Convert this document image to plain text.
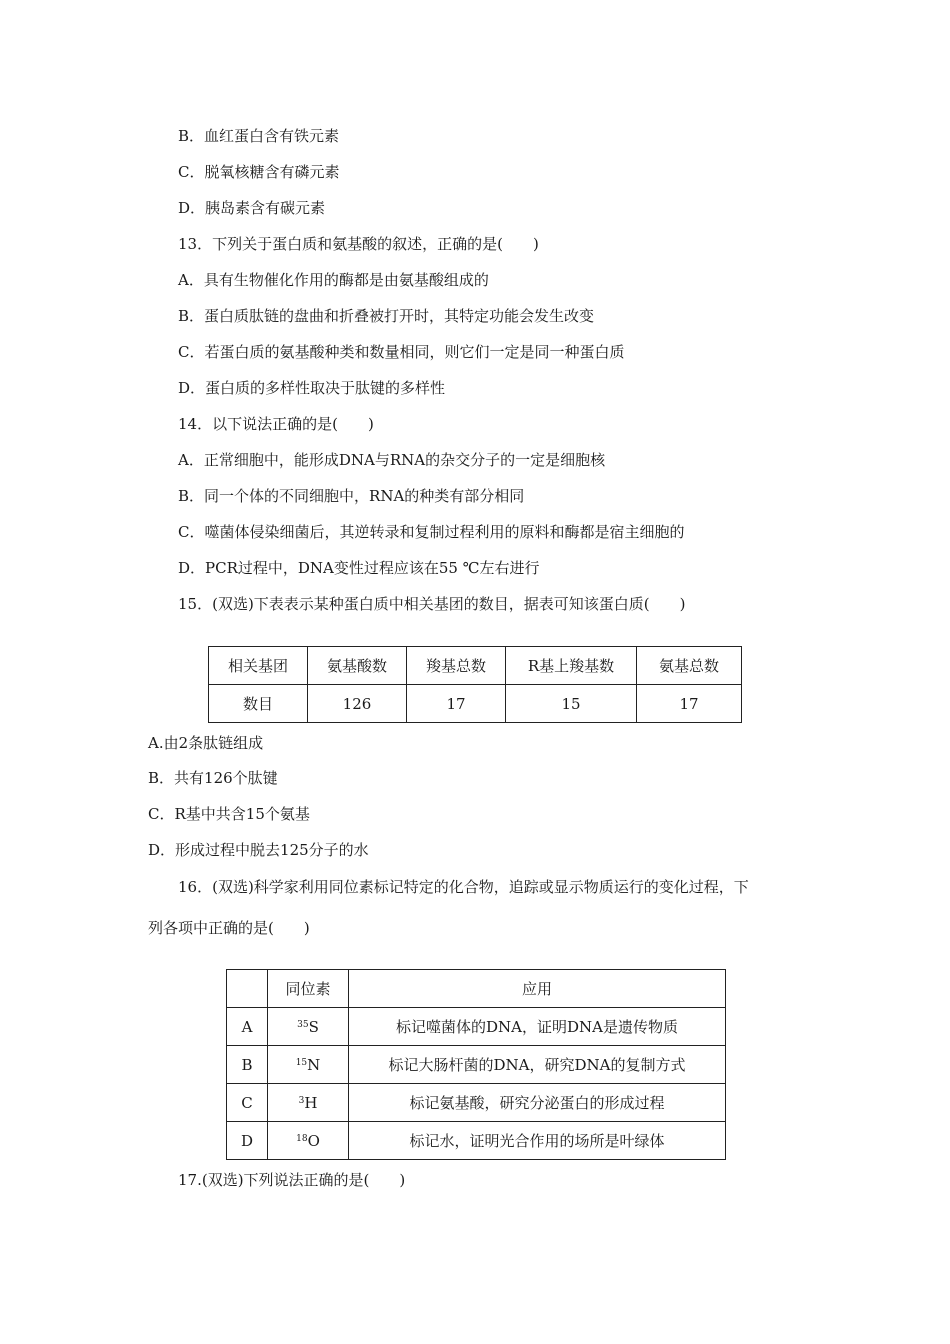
B．血红蛋白含有铁元素
C．脱氧核糖含有磷元素
D．胰岛素含有碳元素
13．下列关于蛋白质和氨基酸的叙述，正确的是(　　)
A．具有生物催化作用的酶都是由氨基酸组成的
B．蛋白质肽链的盘曲和折叠被打开时，其特定功能会发生改变
C．若蛋白质的氨基酸种类和数量相同，则它们一定是同一种蛋白质
D．蛋白质的多样性取决于肽键的多样性
14．以下说法正确的是(　　)
A．正常细胞中，能形成DNA与RNA的杂交分子的一定是细胞核
B．同一个体的不同细胞中，RNA的种类有部分相同
C．噬菌体侵染细菌后，其逆转录和复制过程利用的原料和酶都是宿主细胞的
D．PCR过程中，DNA变性过程应该在55 ℃左右进行
15．(双选)下表表示某种蛋白质中相关基团的数目，据表可知该蛋白质(　　)
相关基团	氨基酸数	羧基总数	R基上羧基数	氨基总数
数目	126	17	15	17
A.由2条肽链组成
B．共有126个肽键
C．R基中共含15个氨基
D．形成过程中脱去125分子的水
16．(双选)科学家利用同位素标记特定的化合物，追踪或显示物质运行的变化过程，下
列各项中正确的是(　　)
	同位素	应用
A	$^{35}$S	标记噬菌体的DNA，证明DNA是遗传物质
B	$^{15}$N	标记大肠杆菌的DNA，研究DNA的复制方式
C	$^3$H	标记氨基酸，研究分泌蛋白的形成过程
D	$^{18}$O	标记水，证明光合作用的场所是叶绿体
17.(双选)下列说法正确的是(　　)
